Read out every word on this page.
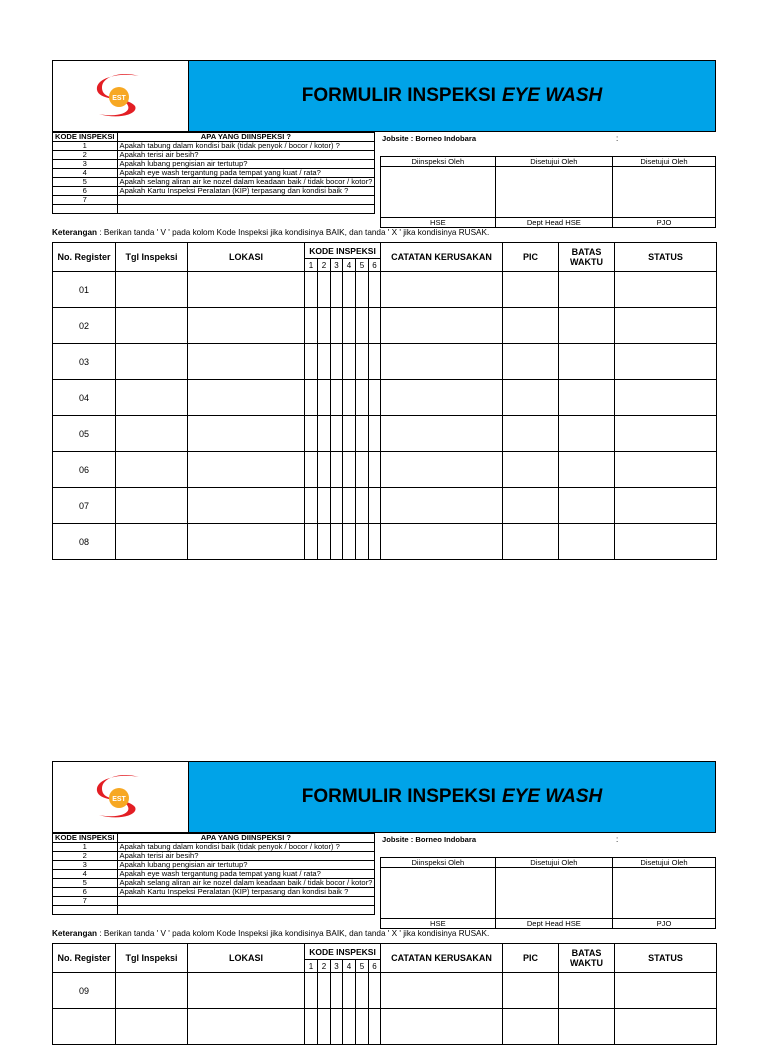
EST	FORMULIR INSPEKSI EYE WASH
KODE INSPEKSI	APA YANG DIINSPEKSI ?
1	Apakah tabung dalam kondisi baik (tidak penyok / bocor / kotor) ?
2	Apakah terisi air besih?
3	Apakah lubang pengisian air tertutup?
4	Apakah eye wash tergantung pada tempat yang kuat / rata?
5	Apakah selang aliran air ke nozel dalam keadaan baik / tidak bocor / kotor?
6	Apakah Kartu Inspeksi Peralatan (KIP) terpasang dan kondisi baik ?
7	

Jobsite : Borneo Indobara	:
Diinspeksi Oleh	Disetujui Oleh	Disetujui Oleh

HSE	Dept Head HSE	PJO
Keterangan : Berikan tanda ' V ' pada kolom Kode Inspeksi jika kondisinya BAIK, dan tanda ' X ' jika kondisinya RUSAK.
No. Register	Tgl Inspeksi	LOKASI	KODE INSPEKSI						CATATAN KERUSAKAN	PIC	BATAS WAKTU	STATUS
			1	2	3	4	5	6				
01												
02												
03												
04												
05												
06												
07												
08												
EST	FORMULIR INSPEKSI EYE WASH
KODE INSPEKSI	APA YANG DIINSPEKSI ?
1	Apakah tabung dalam kondisi baik (tidak penyok / bocor / kotor) ?
2	Apakah terisi air besih?
3	Apakah lubang pengisian air tertutup?
4	Apakah eye wash tergantung pada tempat yang kuat / rata?
5	Apakah selang aliran air ke nozel dalam keadaan baik / tidak bocor / kotor?
6	Apakah Kartu Inspeksi Peralatan (KIP) terpasang dan kondisi baik ?
7	

Jobsite : Borneo Indobara	:
Diinspeksi Oleh	Disetujui Oleh	Disetujui Oleh

HSE	Dept Head HSE	PJO
Keterangan : Berikan tanda ' V ' pada kolom Kode Inspeksi jika kondisinya BAIK, dan tanda ' X ' jika kondisinya RUSAK.
No. Register	Tgl Inspeksi	LOKASI	KODE INSPEKSI						CATATAN KERUSAKAN	PIC	BATAS WAKTU	STATUS
			1	2	3	4	5	6				
09												
